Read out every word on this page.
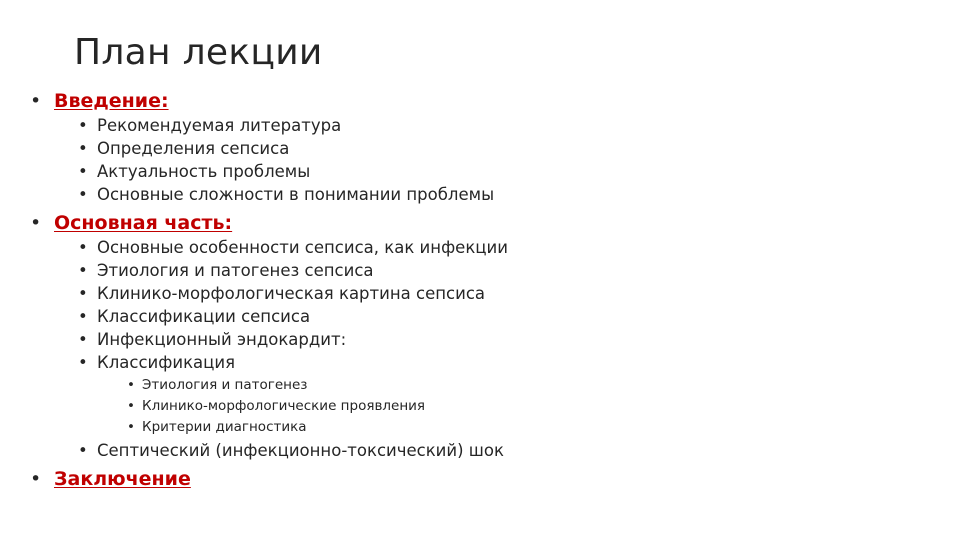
План лекции
• Введение:
• Рекомендуемая литература
• Определения сепсиса
• Актуальность проблемы
• Основные сложности в понимании проблемы
• Основная часть:
• Основные особенности сепсиса, как инфекции
• Этиология и патогенез сепсиса
• Клинико-морфологическая картина сепсиса
• Классификации сепсиса
• Инфекционный эндокардит:
• Классификация
• Этиология и патогенез
• Клинико-морфологические проявления
• Критерии диагностика
• Септический (инфекционно-токсический) шок
• Заключение
